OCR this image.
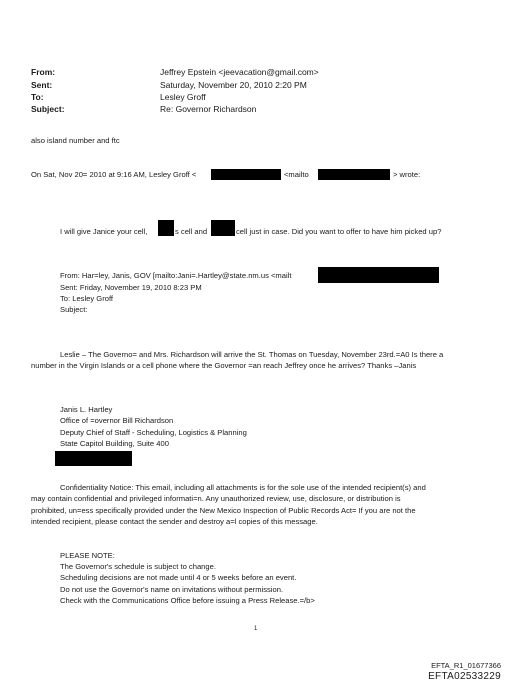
From:	Jeffrey Epstein <jeevacation@gmail.com>
Sent:	Saturday, November 20, 2010 2:20 PM
To:	Lesley Groff
Subject:	Re: Governor Richardson
also island number and ftc
On Sat, Nov 20= 2010 at 9:16 AM, Lesley Groff <	<mailto	> wrote:
I will give Janice your cell,	s cell and	cell just in case. Did you want to offer to have him picked up?
From: Har=ley, Janis, GOV [mailto:Jani=.Hartley@state.nm.us <mailt
Sent: Friday, November 19, 2010 8:23 PM
To: Lesley Groff
Subject:
Leslie – The Governo= and Mrs. Richardson will arrive the St. Thomas on Tuesday, November 23rd.=A0 Is there a
number in the Virgin Islands or a cell phone where the Governor =an reach Jeffrey once he arrives? Thanks –Janis
Janis L. Hartley
Office of =overnor Bill Richardson
Deputy Chief of Staff - Scheduling, Logistics & Planning
State Capitol Building, Suite 400
Confidentiality Notice: This email, including all attachments is for the sole use of the intended recipient(s) and
may contain confidential and privileged informati=n. Any unauthorized review, use, disclosure, or distribution is
prohibited, un=ess specifically provided under the New Mexico Inspection of Public Records Act= If you are not the
intended recipient, please contact the sender and destroy a=l copies of this message.
PLEASE NOTE:
The Governor's schedule is subject to change.
Scheduling decisions are not made until 4 or 5 weeks before an event.
Do not use the Governor's name on invitations without permission.
Check with the Communications Office before issuing a Press Release.=/b>
1
EFTA_R1_01677366
EFTA02533229
